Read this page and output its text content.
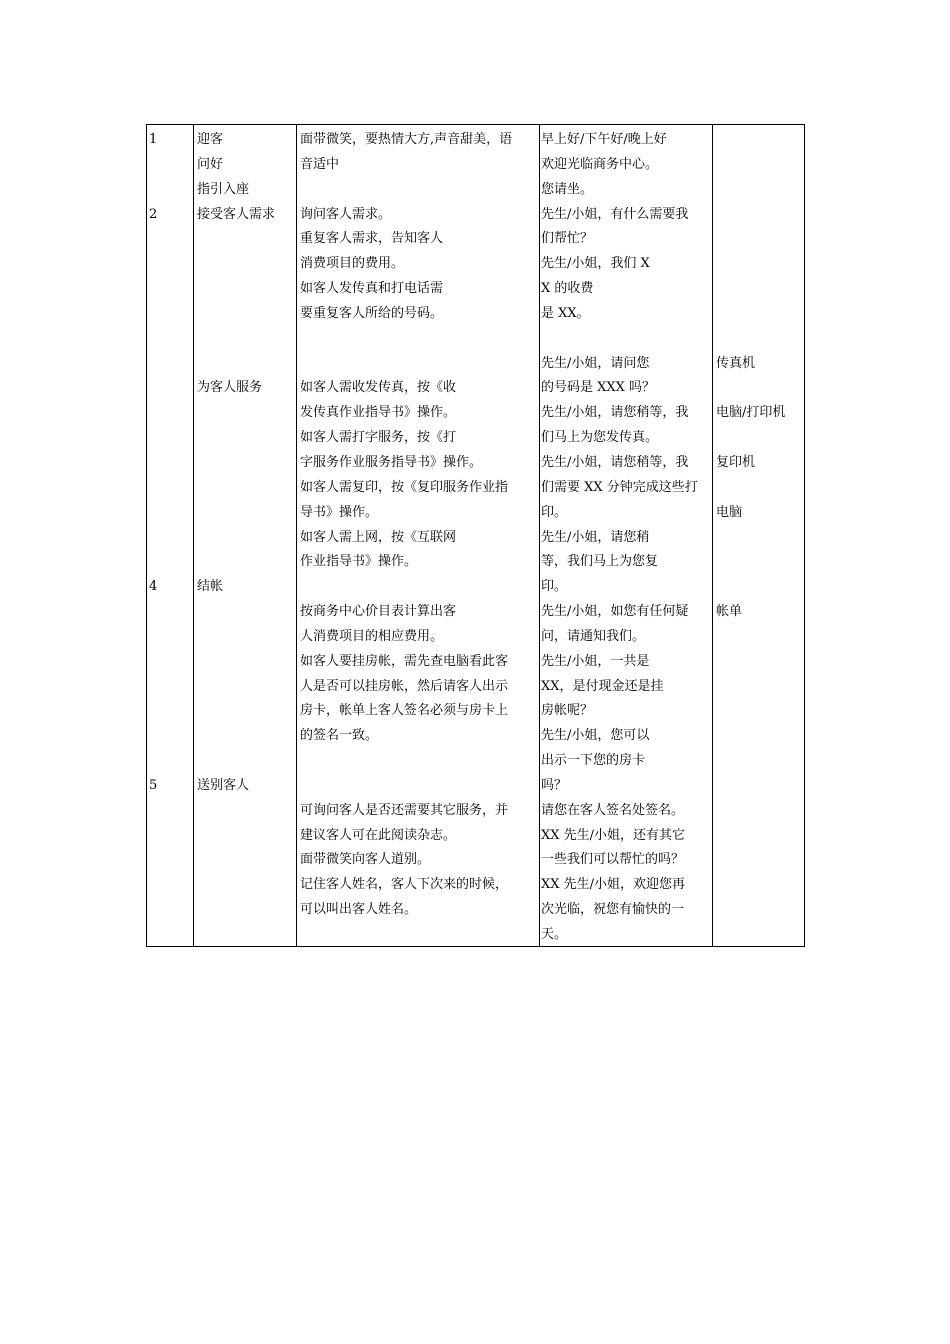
1
2
4
5
迎客
问好
指引入座
接受客人需求
为客人服务
结帐
送别客人
面带微笑，要热情大方,声音甜美，语
音适中
询问客人需求。
重复客人需求，告知客人
消费项目的费用。
如客人发传真和打电话需
要重复客人所给的号码。
如客人需收发传真，按《收
发传真作业指导书》操作。
如客人需打字服务，按《打
字服务作业服务指导书》操作。
如客人需复印，按《复印服务作业指
导书》操作。
如客人需上网，按《互联网
作业指导书》操作。
按商务中心价目表计算出客
人消费项目的相应费用。
如客人要挂房帐，需先查电脑看此客
人是否可以挂房帐，然后请客人出示
房卡，帐单上客人签名必须与房卡上
的签名一致。
可询问客人是否还需要其它服务，并
建议客人可在此阅读杂志。
面带微笑向客人道别。
记住客人姓名，客人下次来的时候，
可以叫出客人姓名。
早上好/下午好/晚上好
欢迎光临商务中心。
您请坐。
先生/小姐，有什么需要我
们帮忙？
先生/小姐，我们 X
X 的收费
是 XX。
先生/小姐，请问您
的号码是 XXX 吗？
先生/小姐，请您稍等，我
们马上为您发传真。
先生/小姐，请您稍等，我
们需要 XX 分钟完成这些打
印。
先生/小姐，请您稍
等，我们马上为您复
印。
先生/小姐，如您有任何疑
问，请通知我们。
先生/小姐，一共是
XX，是付现金还是挂
房帐呢？
先生/小姐，您可以
出示一下您的房卡
吗？
请您在客人签名处签名。
XX 先生/小姐，还有其它
一些我们可以帮忙的吗？
XX 先生/小姐，欢迎您再
次光临，祝您有愉快的一
天。
传真机
电脑/打印机
复印机
电脑
帐单
